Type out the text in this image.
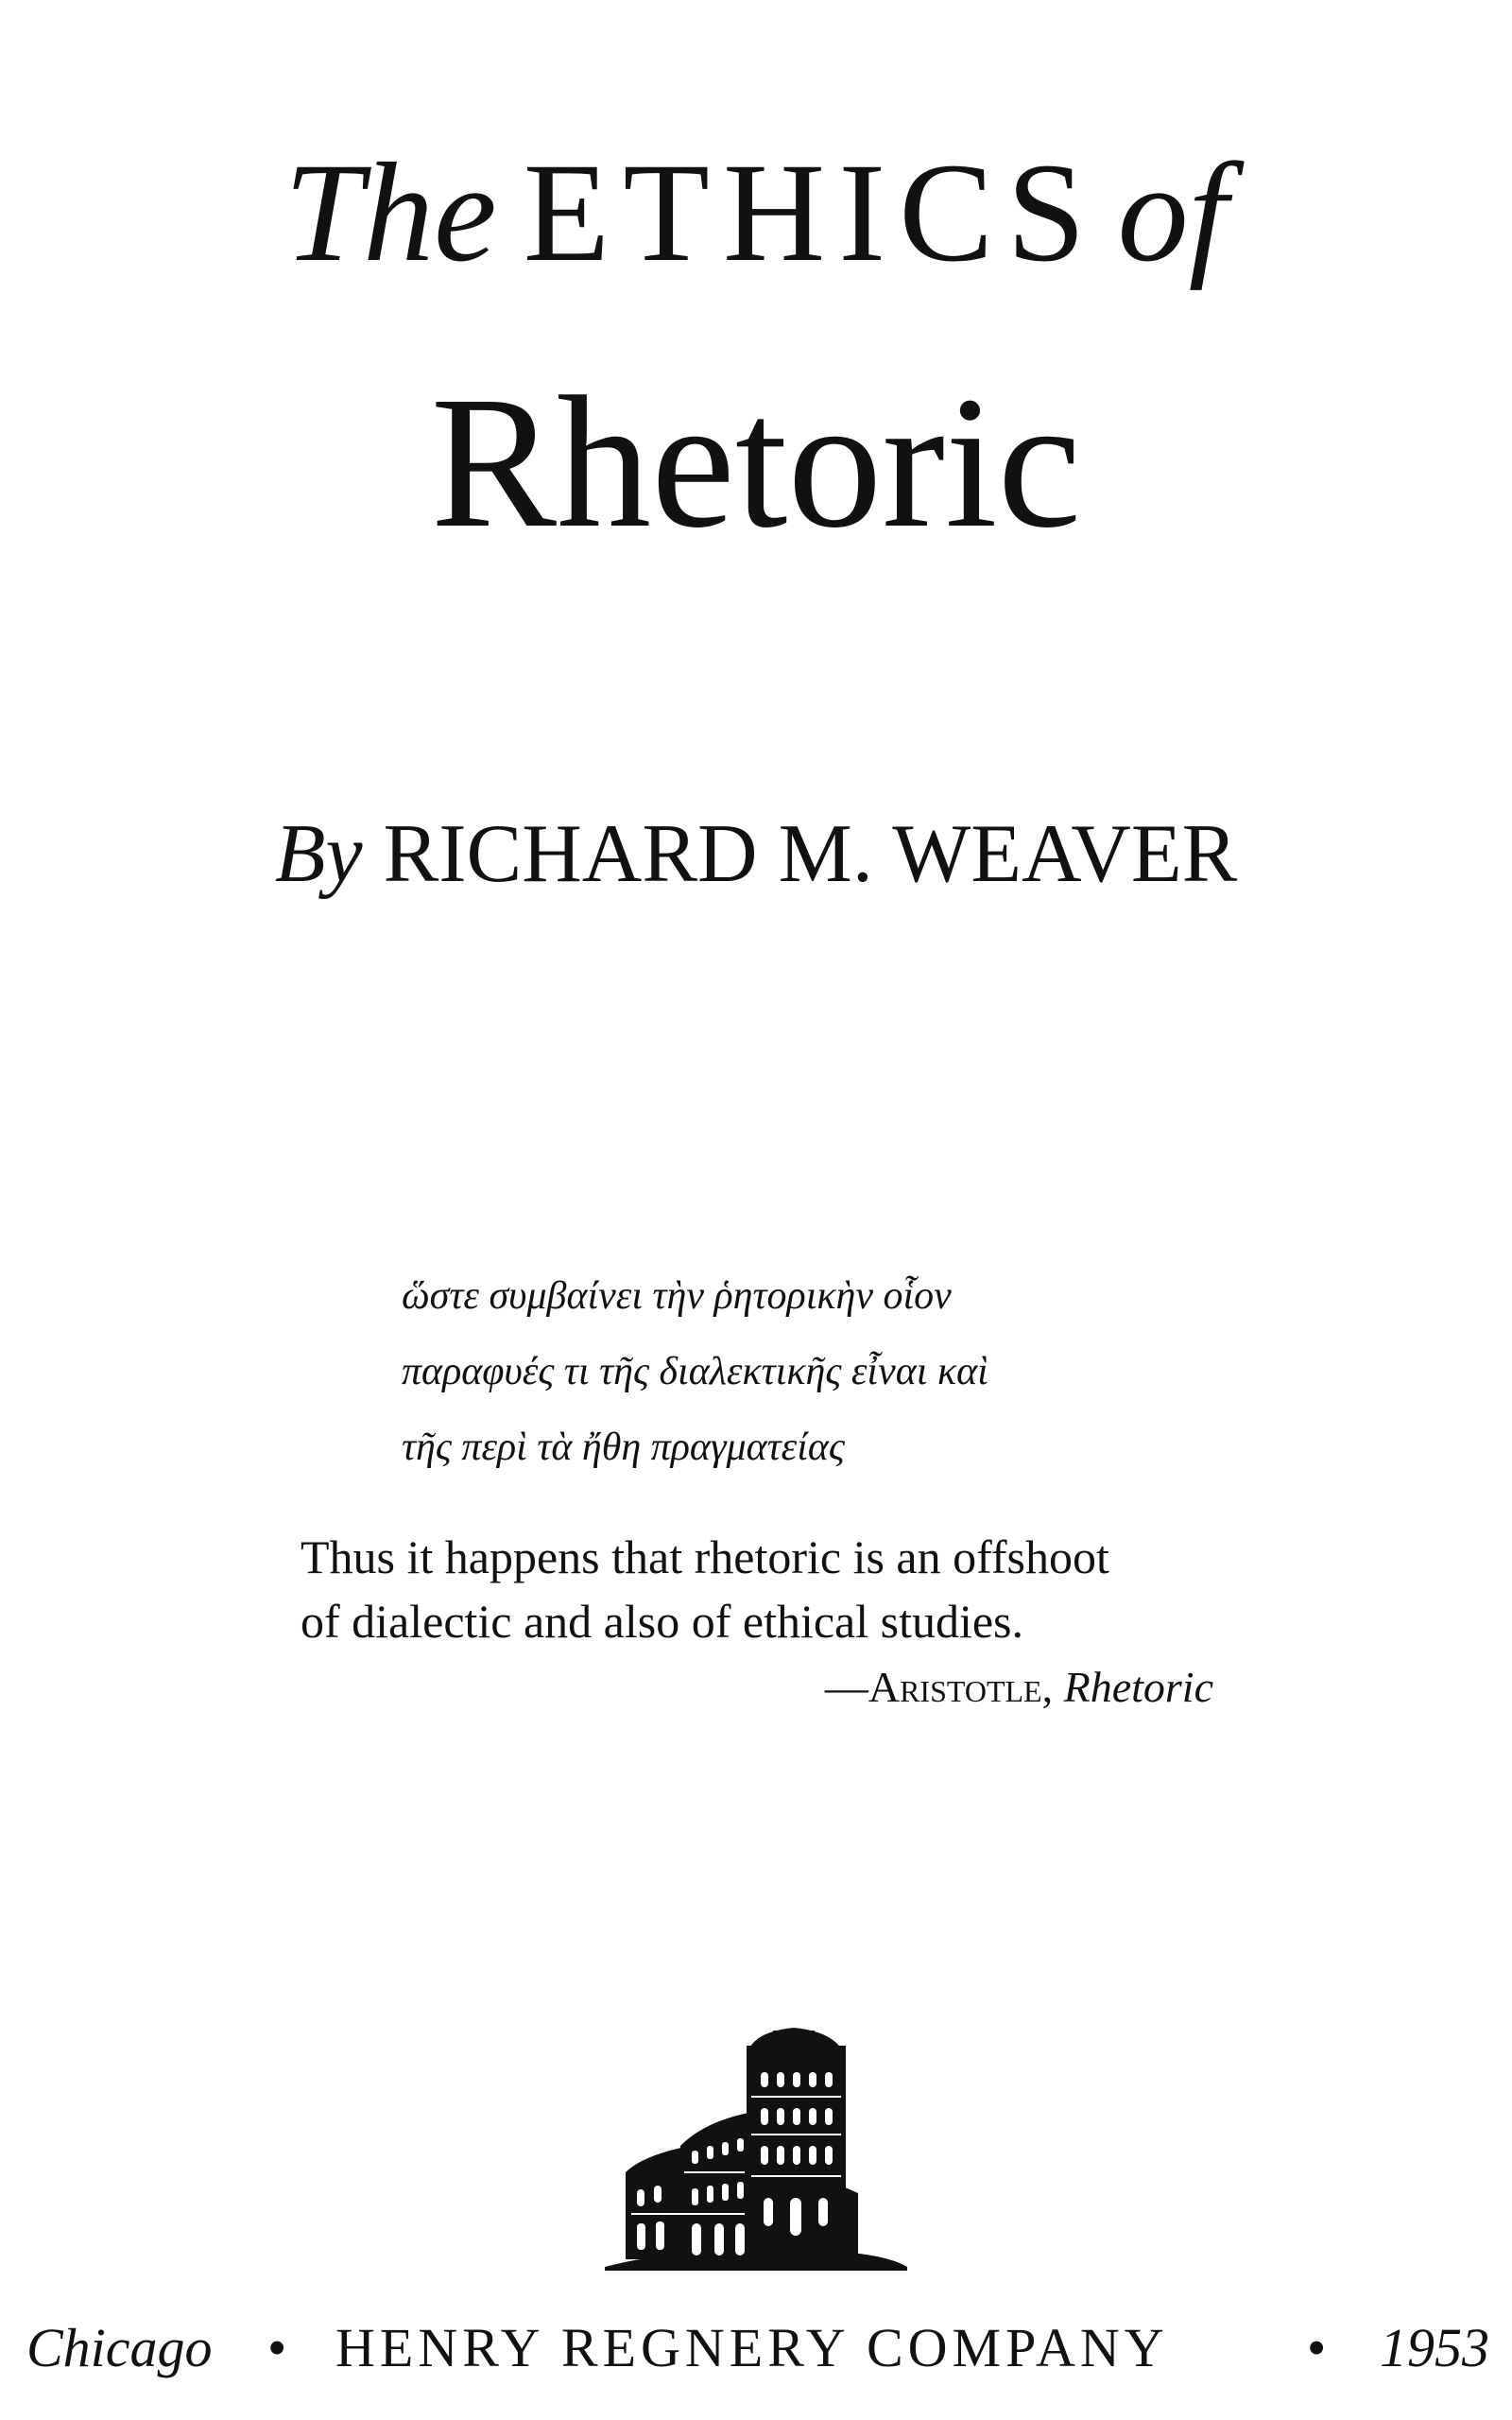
The ETHICS of
Rhetoric
By RICHARD M. WEAVER
ὥστε συμβαίνει τὴν ῥητορικὴν οἷον
παραφυές τι τῆς διαλεκτικῆς εἶναι καὶ
τῆς περὶ τὰ ἤθη πραγματείας
Thus it happens that rhetoric is an offshoot
of dialectic and also of ethical studies.
—Aristotle, Rhetoric
Chicago • HENRY REGNERY COMPANY	• 1953
